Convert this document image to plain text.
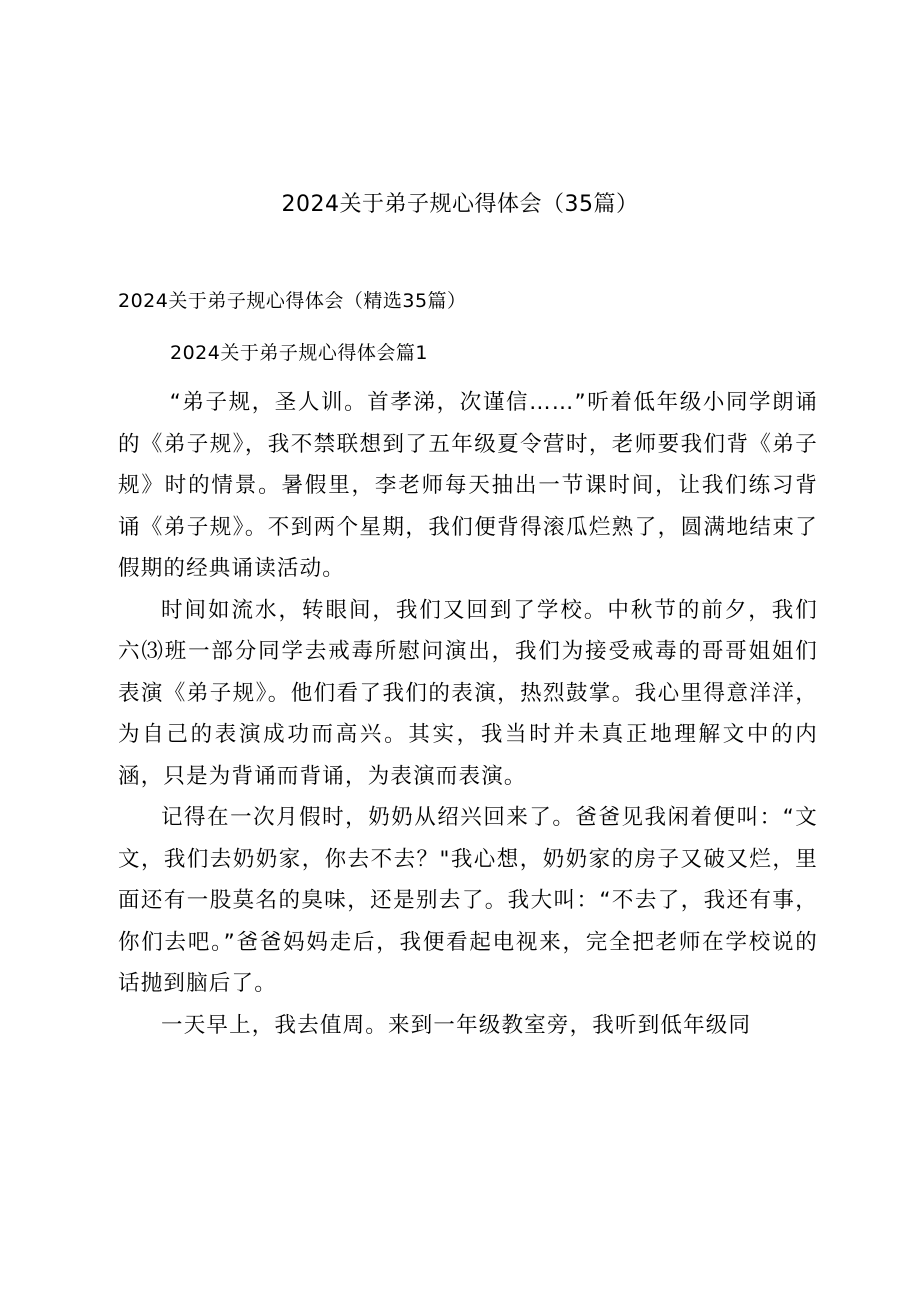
2024关于弟子规心得体会（35篇）
2024关于弟子规心得体会（精选35篇）
2024关于弟子规心得体会篇1

“弟子规，圣人训。首孝涕，次谨信……”听着低年级小同学朗诵的《弟子规》，我不禁联想到了五年级夏令营时，老师要我们背《弟子规》时的情景。暑假里，李老师每天抽出一节课时间，让我们练习背诵《弟子规》。不到两个星期，我们便背得滚瓜烂熟了，圆满地结束了假期的经典诵读活动。

时间如流水，转眼间，我们又回到了学校。中秋节的前夕，我们六⑶班一部分同学去戒毒所慰问演出，我们为接受戒毒的哥哥姐姐们表演《弟子规》。他们看了我们的表演，热烈鼓掌。我心里得意洋洋，为自己的表演成功而高兴。其实，我当时并未真正地理解文中的内涵，只是为背诵而背诵，为表演而表演。

记得在一次月假时，奶奶从绍兴回来了。爸爸见我闲着便叫：“文文，我们去奶奶家，你去不去？"我心想，奶奶家的房子又破又烂，里面还有一股莫名的臭味，还是别去了。我大叫：“不去了，我还有事，你们去吧。”爸爸妈妈走后，我便看起电视来，完全把老师在学校说的话抛到脑后了。

一天早上，我去值周。来到一年级教室旁，我听到低年级同
